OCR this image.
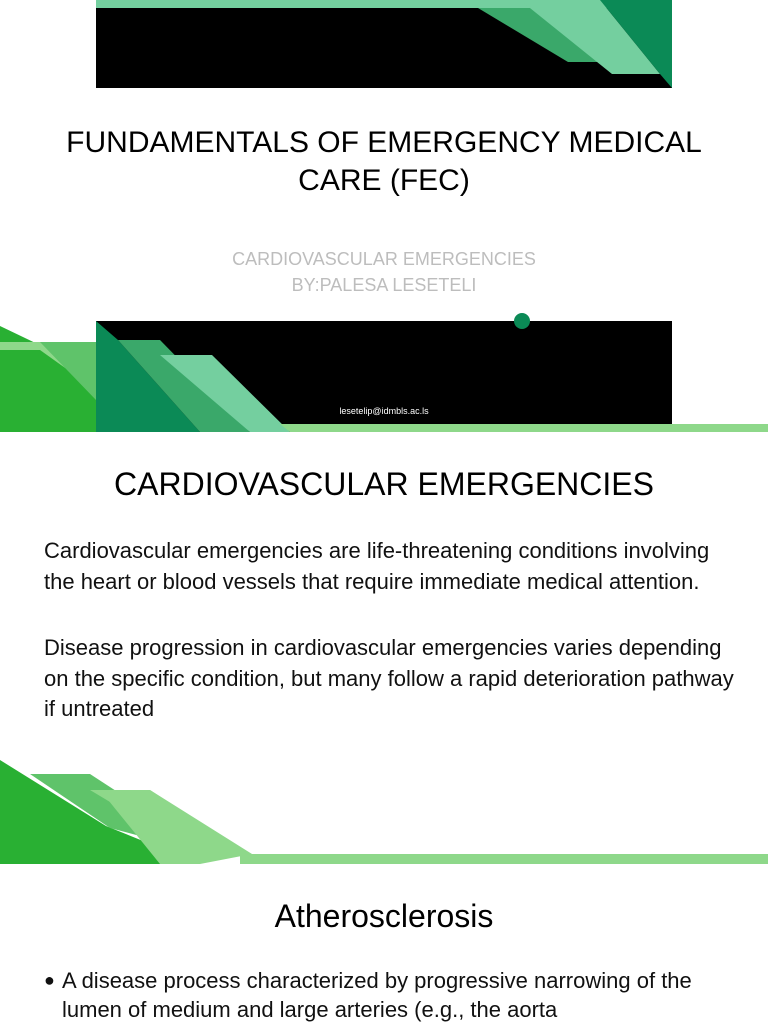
FUNDAMENTALS OF EMERGENCY MEDICAL CARE (FEC)

CARDIOVASCULAR EMERGENCIES

BY:PALESA LESETELI

lesetelip@idmbls.ac.ls
CARDIOVASCULAR EMERGENCIES

Cardiovascular emergencies are life-threatening conditions involving the heart or blood vessels that require immediate medical attention.

Disease progression in cardiovascular emergencies varies depending on the specific condition, but many follow a rapid deterioration pathway if untreated

Atherosclerosis
● A disease process characterized by progressive narrowing of the lumen of medium and large arteries (e.g., the aorta
